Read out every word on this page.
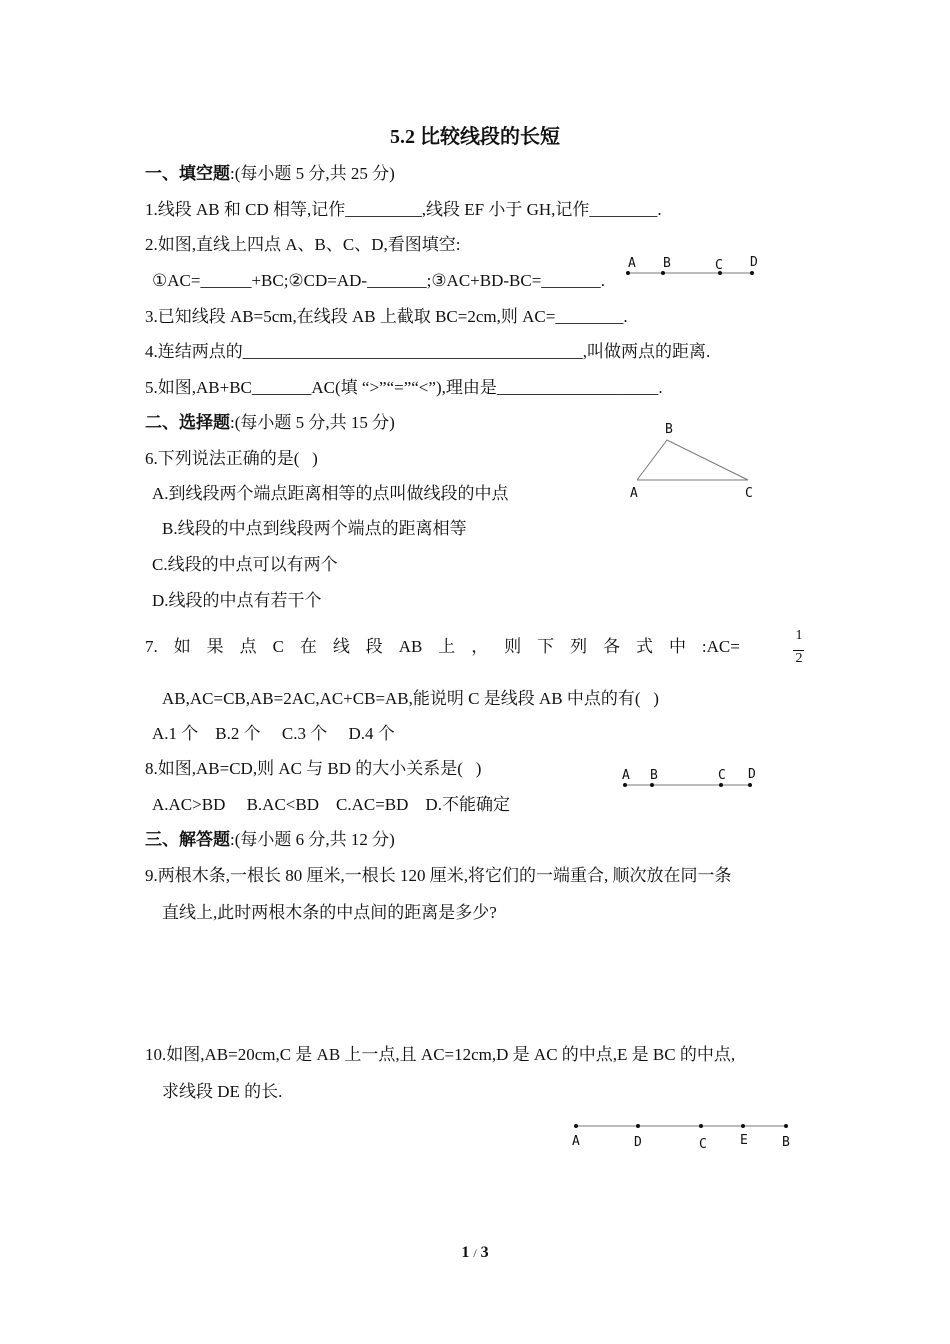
5.2 比较线段的长短
一、填空题:(每小题 5 分,共 25 分)
1.线段 AB 和 CD 相等,记作_________,线段 EF 小于 GH,记作________.
2.如图,直线上四点 A、B、C、D,看图填空:
①AC=______+BC;②CD=AD-_______;③AC+BD-BC=_______.
3.已知线段 AB=5cm,在线段 AB 上截取 BC=2cm,则 AC=________.
4.连结两点的________________________________________,叫做两点的距离.
5.如图,AB+BC_______AC(填 “>”“=”“<”),理由是___________________.
二、选择题:(每小题 5 分,共 15 分)
6.下列说法正确的是(   )
A.到线段两个端点距离相等的点叫做线段的中点
B.线段的中点到线段两个端点的距离相等
C.线段的中点可以有两个
D.线段的中点有若干个
7. 如 果 点 C 在 线 段 AB 上 ， 则 下 列 各 式 中 :AC=
1
2
AB,AC=CB,AB=2AC,AC+CB=AB,能说明 C 是线段 AB 中点的有(   )
A.1 个    B.2 个     C.3 个     D.4 个
8.如图,AB=CD,则 AC 与 BD 的大小关系是(   )
A.AC>BD     B.AC<BD    C.AC=BD    D.不能确定
三、解答题:(每小题 6 分,共 12 分)
9.两根木条,一根长 80 厘米,一根长 120 厘米,将它们的一端重合, 顺次放在同一条
直线上,此时两根木条的中点间的距离是多少?
10.如图,AB=20cm,C 是 AB 上一点,且 AC=12cm,D 是 AC 的中点,E 是 BC 的中点,
求线段 DE 的长.
A B	C D
B
A	C
A B	C D
A	D	C	E	B
1 / 3
